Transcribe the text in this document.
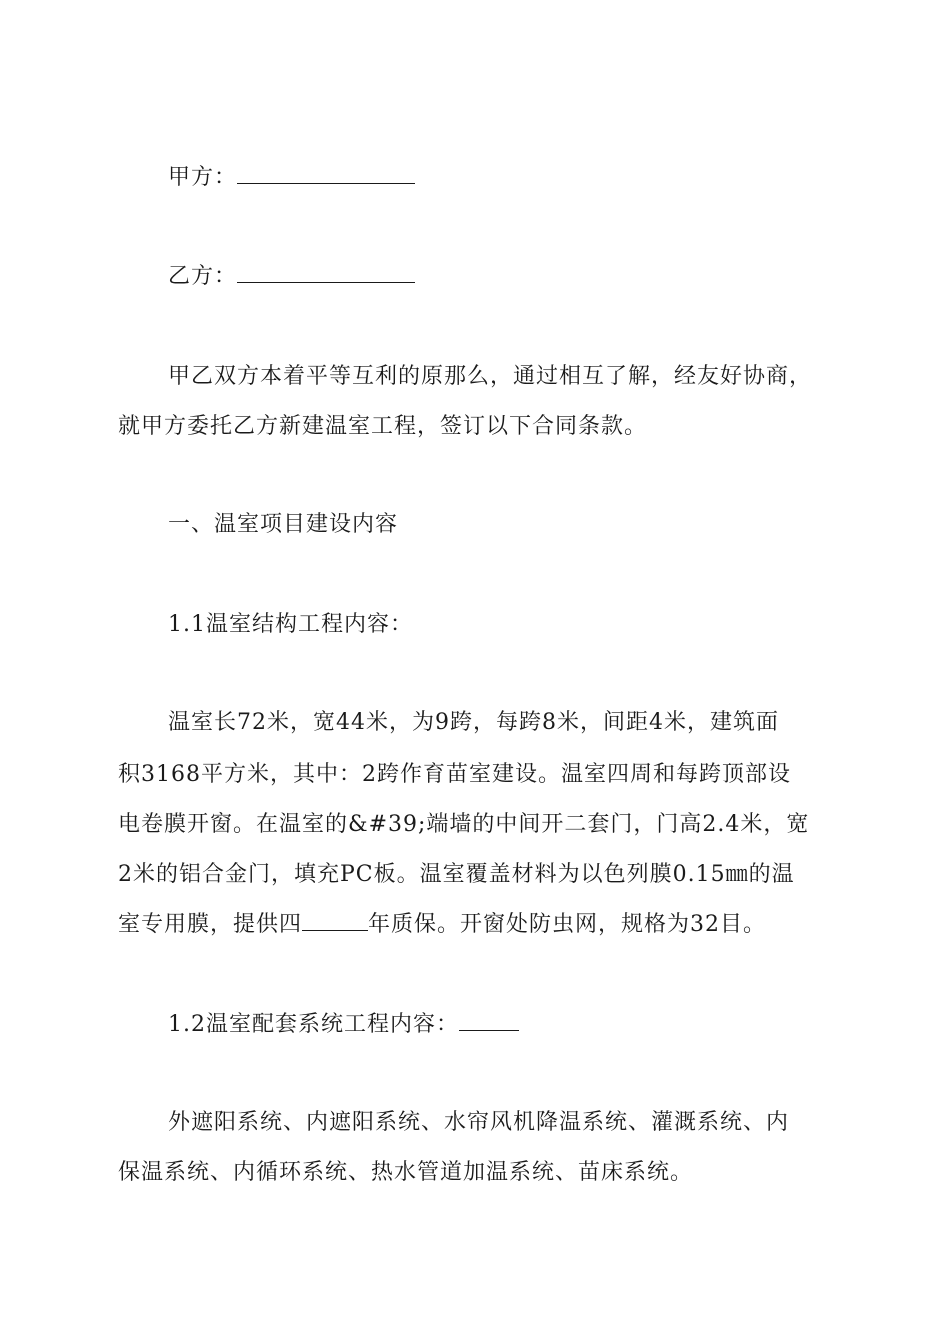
甲方：
乙方：
甲乙双方本着平等互利的原那么，通过相互了解，经友好协商，
就甲方委托乙方新建温室工程，签订以下合同条款。
一、温室项目建设内容
1.1温室结构工程内容：
温室长72米，宽44米，为9跨，每跨8米，间距4米，建筑面
积3168平方米，其中：2跨作育苗室建设。温室四周和每跨顶部设
电卷膜开窗。在温室的&#39;端墙的中间开二套门，门高2.4米，宽
2米的铝合金门，填充PC板。温室覆盖材料为以色列膜0.15㎜的温
室专用膜，提供四	年质保。开窗处防虫网，规格为32目。
1.2温室配套系统工程内容：
外遮阳系统、内遮阳系统、水帘风机降温系统、灌溉系统、内
保温系统、内循环系统、热水管道加温系统、苗床系统。
